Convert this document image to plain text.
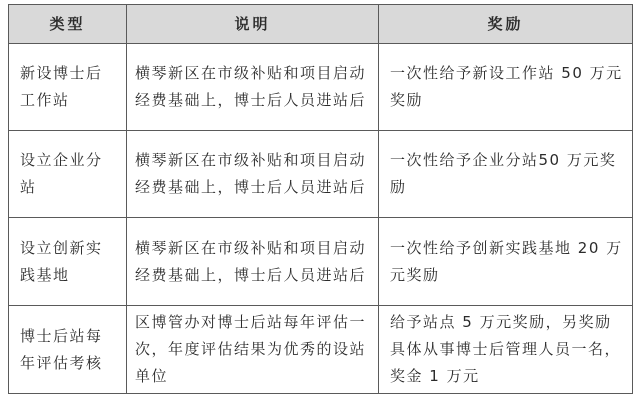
类型	说明	奖励

新设博士后工作站	横琴新区在市级补贴和项目启动经费基础上，博士后人员进站后	一次性给予新设工作站 50 万元奖励

设立企业分站	横琴新区在市级补贴和项目启动经费基础上，博士后人员进站后	一次性给予企业分站50 万元奖励

设立创新实践基地	横琴新区在市级补贴和项目启动经费基础上，博士后人员进站后	一次性给予创新实践基地 20 万元奖励

博士后站每年评估考核	区博管办对博士后站每年评估一次，年度评估结果为优秀的设站单位	给予站点 5 万元奖励，另奖励具体从事博士后管理人员一名，奖金 1 万元
